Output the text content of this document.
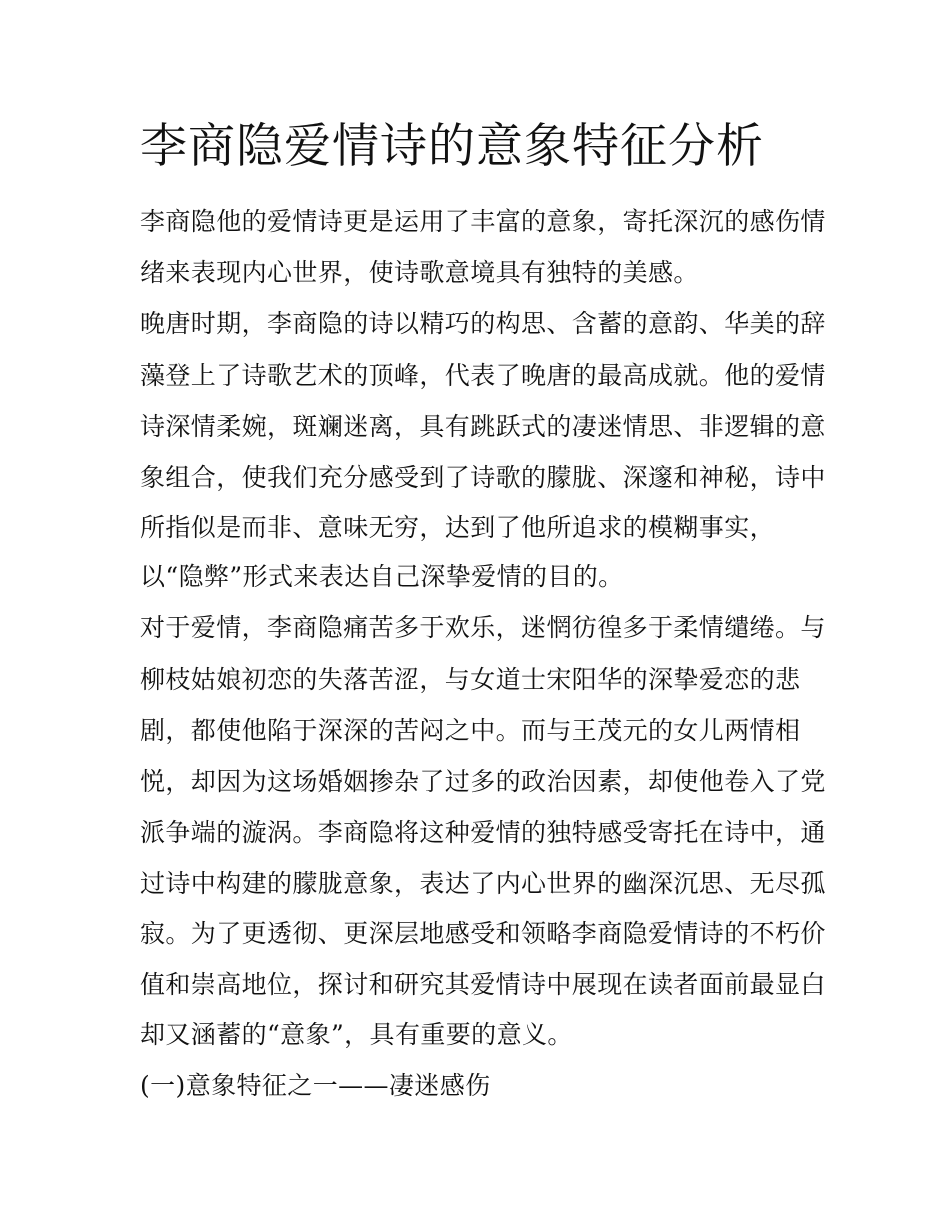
李商隐爱情诗的意象特征分析

李商隐他的爱情诗更是运用了丰富的意象，寄托深沉的感伤情

绪来表现内心世界，使诗歌意境具有独特的美感。

晚唐时期，李商隐的诗以精巧的构思、含蓄的意韵、华美的辞

藻登上了诗歌艺术的顶峰，代表了晚唐的最高成就。他的爱情

诗深情柔婉，斑斓迷离，具有跳跃式的凄迷情思、非逻辑的意

象组合，使我们充分感受到了诗歌的朦胧、深邃和神秘，诗中

所指似是而非、意味无穷，达到了他所追求的模糊事实，

以“隐弊”形式来表达自己深挚爱情的目的。

对于爱情，李商隐痛苦多于欢乐，迷惘彷徨多于柔情缱绻。与

柳枝姑娘初恋的失落苦涩，与女道士宋阳华的深挚爱恋的悲

剧，都使他陷于深深的苦闷之中。而与王茂元的女儿两情相

悦，却因为这场婚姻掺杂了过多的政治因素，却使他卷入了党

派争端的漩涡。李商隐将这种爱情的独特感受寄托在诗中，通

过诗中构建的朦胧意象，表达了内心世界的幽深沉思、无尽孤

寂。为了更透彻、更深层地感受和领略李商隐爱情诗的不朽价

值和崇高地位，探讨和研究其爱情诗中展现在读者面前最显白

却又涵蓄的“意象”，具有重要的意义。

(一)意象特征之一——凄迷感伤
